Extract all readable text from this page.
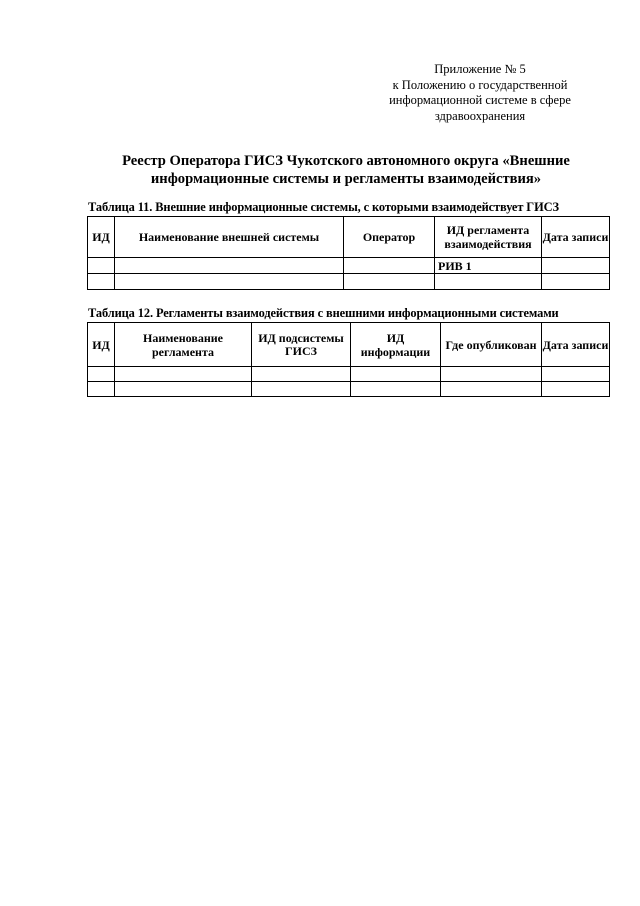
Приложение № 5
к Положению о государственной
информационной системе в сфере
здравоохранения
Реестр Оператора ГИСЗ Чукотского автономного округа «Внешние
информационные системы и регламенты взаимодействия»
Таблица 11. Внешние информационные системы, с которыми взаимодействует ГИСЗ
ИД	Наименование внешней системы	Оператор	ИД регламента взаимодействия	Дата записи
			РИВ 1	

Таблица 12. Регламенты взаимодействия с внешними информационными системами
ИД	Наименование регламента	ИД подсистемы ГИСЗ	ИД информации	Где опубликован	Дата записи
